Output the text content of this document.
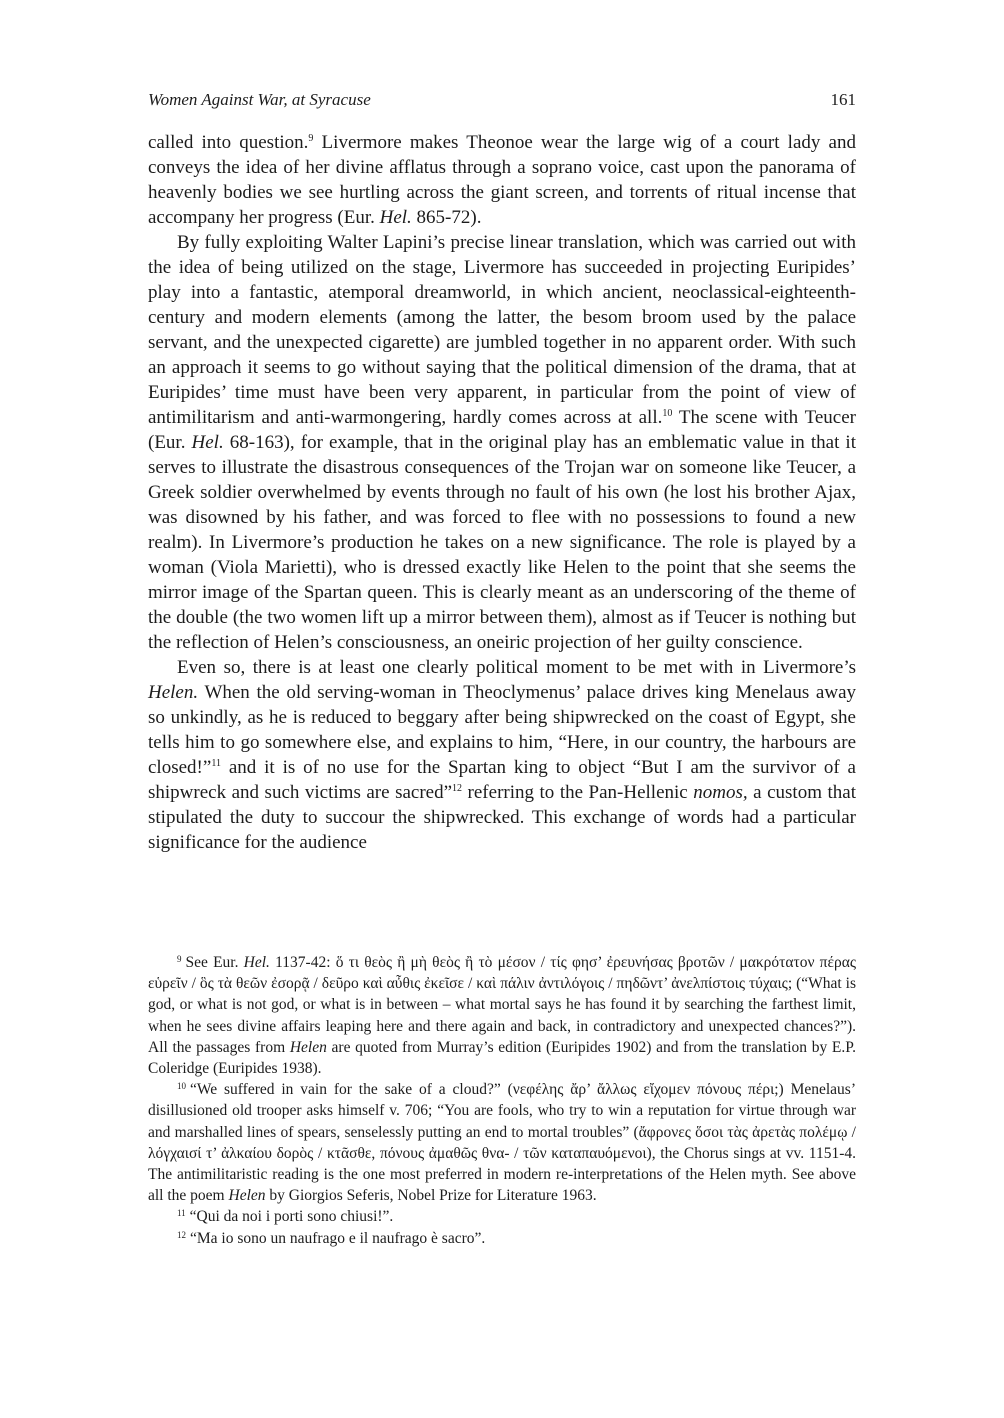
Women Against War, at Syracuse	161

called into question.$^9$ Livermore makes Theonoe wear the large wig of a court lady and conveys the idea of her divine afflatus through a soprano voice, cast upon the panorama of heavenly bodies we see hurtling across the giant screen, and torrents of ritual incense that accompany her progress (Eur. Hel. 865-72).

By fully exploiting Walter Lapini’s precise linear translation, which was carried out with the idea of being utilized on the stage, Livermore has succeeded in projecting Euripides’ play into a fantastic, atemporal dreamworld, in which ancient, neoclassical-eighteenth-century and modern elements (among the latter, the besom broom used by the palace servant, and the unexpected cigarette) are jumbled together in no apparent order. With such an approach it seems to go without saying that the political dimension of the drama, that at Euripides’ time must have been very apparent, in particular from the point of view of antimilitarism and anti-warmongering, hardly comes across at all.$^{10}$ The scene with Teucer (Eur. Hel. 68-163), for example, that in the original play has an emblematic value in that it serves to illustrate the disastrous consequences of the Trojan war on someone like Teucer, a Greek soldier overwhelmed by events through no fault of his own (he lost his brother Ajax, was disowned by his father, and was forced to flee with no possessions to found a new realm). In Livermore’s production he takes on a new significance. The role is played by a woman (Viola Marietti), who is dressed exactly like Helen to the point that she seems the mirror image of the Spartan queen. This is clearly meant as an underscoring of the theme of the double (the two women lift up a mirror between them), almost as if Teucer is nothing but the reflection of Helen’s consciousness, an oneiric projection of her guilty conscience.

Even so, there is at least one clearly political moment to be met with in Livermore’s Helen. When the old serving-woman in Theoclymenus’ palace drives king Menelaus away so unkindly, as he is reduced to beggary after being shipwrecked on the coast of Egypt, she tells him to go somewhere else, and explains to him, “Here, in our country, the harbours are closed!”$^{11}$ and it is of no use for the Spartan king to object “But I am the survivor of a shipwreck and such victims are sacred”$^{12}$ referring to the Pan-Hellenic nomos, a custom that stipulated the duty to succour the shipwrecked. This exchange of words had a particular significance for the audience

$^9$ See Eur. Hel. 1137-42: ὅ τι θεὸς ἢ μὴ θεὸς ἢ τὸ μέσον / τίς φησ’ ἐρευνήσας βροτῶν / μακρότατον πέρας εὑρεῖν / ὃς τὰ θεῶν ἐσορᾷ / δεῦρο καὶ αὖθις ἐκεῖσε / καὶ πάλιν ἀντιλόγοις / πηδῶντ’ ἀνελπίστοις τύχαις; (“What is god, or what is not god, or what is in between – what mortal says he has found it by searching the farthest limit, when he sees divine affairs leaping here and there again and back, in contradictory and unexpected chances?”). All the passages from Helen are quoted from Murray’s edition (Euripides 1902) and from the translation by E.P. Coleridge (Euripides 1938).

$^{10}$ “We suffered in vain for the sake of a cloud?” (νεφέλης ἄρ’ ἄλλως εἴχομεν πόνους πέρι;) Menelaus’ disillusioned old trooper asks himself v. 706; “You are fools, who try to win a reputation for virtue through war and marshalled lines of spears, senselessly putting an end to mortal troubles” (ἄφρονες ὅσοι τὰς ἀρετὰς πολέμῳ / λόγχαισί τ’ ἀλκαίου δορὸς / κτᾶσθε, πόνους ἀμαθῶς θνα- / τῶν καταπαυόμενοι), the Chorus sings at vv. 1151-4. The antimilitaristic reading is the one most preferred in modern re-interpretations of the Helen myth. See above all the poem Helen by Giorgios Seferis, Nobel Prize for Literature 1963.

$^{11}$ “Qui da noi i porti sono chiusi!”.

$^{12}$ “Ma io sono un naufrago e il naufrago è sacro”.
